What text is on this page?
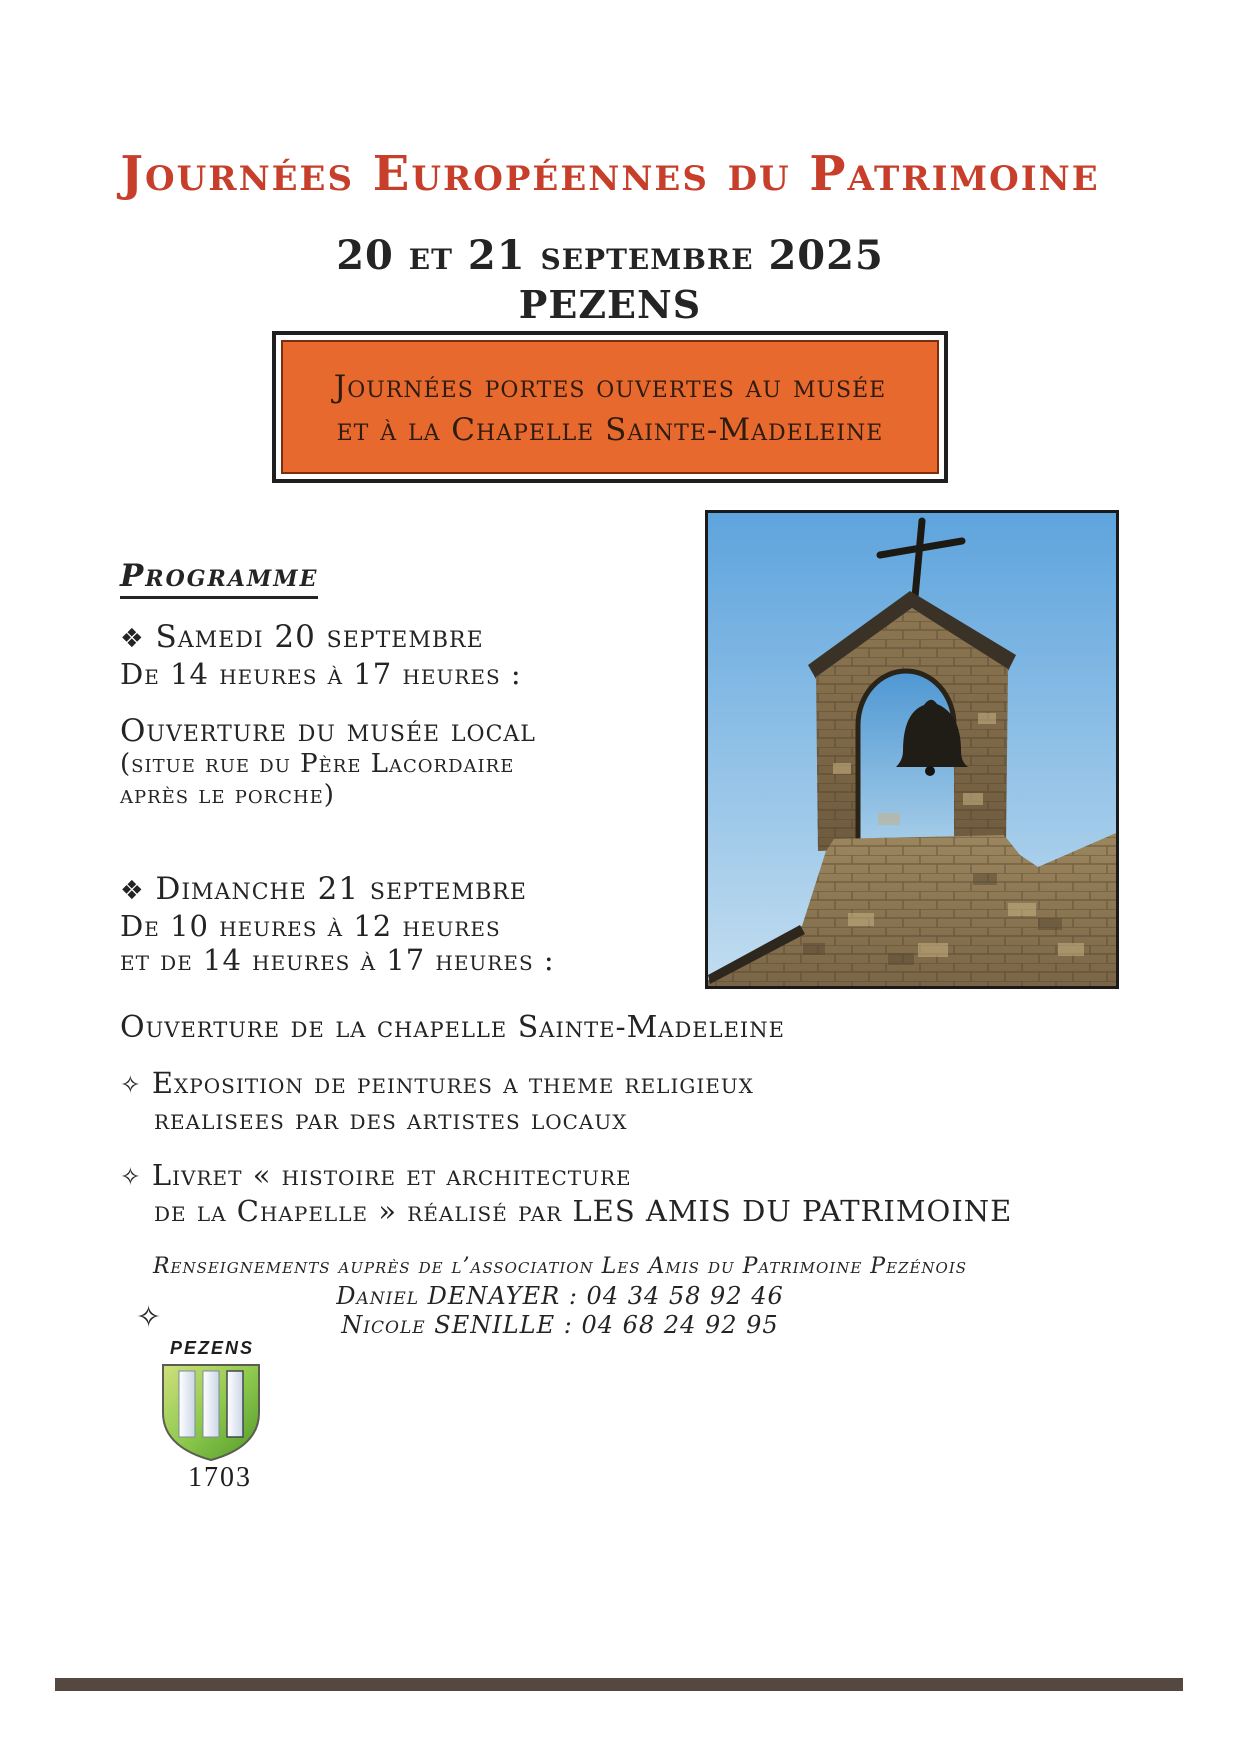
Journées Européennes du Patrimoine
20 et 21 septembre 2025
PEZENS
Journées portes ouvertes au musée
et à la Chapelle Sainte-Madeleine
Programme
❖ Samedi 20 septembre
De 14 heures à 17 heures :
Ouverture du musée local
(situe rue du Père Lacordaire
après le porche)
❖ Dimanche 21 septembre
De 10 heures à 12 heures
et de 14 heures à 17 heures :
Ouverture de la chapelle Sainte-Madeleine
✧ Exposition de peintures a theme religieux
realisees par des artistes locaux
✧ Livret « histoire et architecture
de la Chapelle » réalisé par LES AMIS DU PATRIMOINE
Renseignements auprès de l’association Les Amis du Patrimoine Pezénois
Daniel DENAYER : 04 34 58 92 46
Nicole SENILLE : 04 68 24 92 95
✧
PEZENS
1703
